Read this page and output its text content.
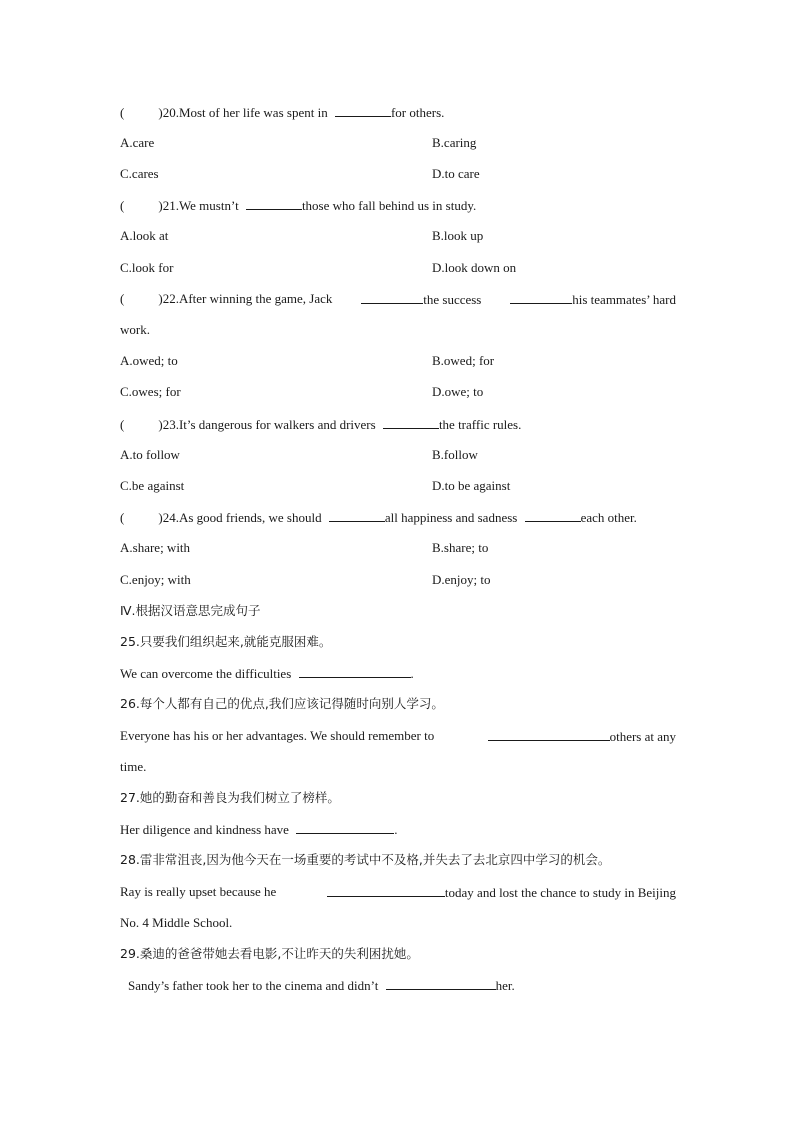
(	)20.Most of her life was spent in	for others.
A.care	B.caring
C.cares	D.to care
(	)21.We mustn’t	those who fall behind us in study.
A.look at	B.look up
C.look for	D.look down on
(	)22.After winning the game, Jack	the success	his teammates’ hard
work.
A.owed; to	B.owed; for
C.owes; for	D.owe; to
(	)23.It’s dangerous for walkers and drivers	the traffic rules.
A.to follow	B.follow
C.be against	D.to be against
(	)24.As good friends, we should	all happiness and sadness	each other.
A.share; with	B.share; to
C.enjoy; with	D.enjoy; to
Ⅳ.根据汉语意思完成句子
25.只要我们组织起来,就能克服困难。
We can overcome the difficulties	.
26.每个人都有自己的优点,我们应该记得随时向别人学习。
Everyone has his or her advantages. We should remember to	others at any
time.
27.她的勤奋和善良为我们树立了榜样。
Her diligence and kindness have	.
28.雷非常沮丧,因为他今天在一场重要的考试中不及格,并失去了去北京四中学习的机会。
Ray is really upset because he	today and lost the chance to study in Beijing
No. 4 Middle School.
29.桑迪的爸爸带她去看电影,不让昨天的失利困扰她。
Sandy’s father took her to the cinema and didn’t	her.
